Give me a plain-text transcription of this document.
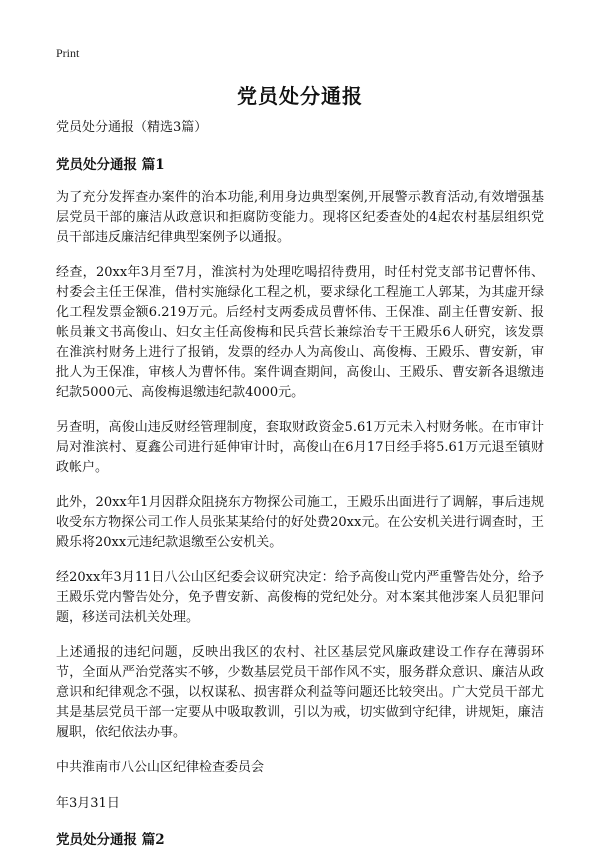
Print
党员处分通报
党员处分通报（精选3篇）
党员处分通报 篇1

为了充分发挥查办案件的治本功能,利用身边典型案例,开展警示教育活动,有效增强基层党员干部的廉洁从政意识和拒腐防变能力。现将区纪委查处的4起农村基层组织党员干部违反廉洁纪律典型案例予以通报。

经查，20xx年3月至7月，淮滨村为处理吃喝招待费用，时任村党支部书记曹怀伟、村委会主任王保准，借村实施绿化工程之机，要求绿化工程施工人郭某，为其虚开绿化工程发票金额6.219万元。后经村支两委成员曹怀伟、王保准、副主任曹安新、报帐员兼文书高俊山、妇女主任高俊梅和民兵营长兼综治专干王殿乐6人研究，该发票在淮滨村财务上进行了报销，发票的经办人为高俊山、高俊梅、王殿乐、曹安新，审批人为王保准，审核人为曹怀伟。案件调查期间，高俊山、王殿乐、曹安新各退缴违纪款5000元、高俊梅退缴违纪款4000元。

另查明，高俊山违反财经管理制度，套取财政资金5.61万元未入村财务帐。在市审计局对淮滨村、夏鑫公司进行延伸审计时，高俊山在6月17日经手将5.61万元退至镇财政帐户。

此外，20xx年1月因群众阻挠东方物探公司施工，王殿乐出面进行了调解，事后违规收受东方物探公司工作人员张某某给付的好处费20xx元。在公安机关进行调查时，王殿乐将20xx元违纪款退缴至公安机关。

经20xx年3月11日八公山区纪委会议研究决定：给予高俊山党内严重警告处分，给予王殿乐党内警告处分，免予曹安新、高俊梅的党纪处分。对本案其他涉案人员犯罪问题，移送司法机关处理。

上述通报的违纪问题，反映出我区的农村、社区基层党风廉政建设工作存在薄弱环节，全面从严治党落实不够，少数基层党员干部作风不实，服务群众意识、廉洁从政意识和纪律观念不强，以权谋私、损害群众利益等问题还比较突出。广大党员干部尤其是基层党员干部一定要从中吸取教训，引以为戒，切实做到守纪律，讲规矩，廉洁履职，依纪依法办事。

中共淮南市八公山区纪律检查委员会
年3月31日
党员处分通报 篇2
